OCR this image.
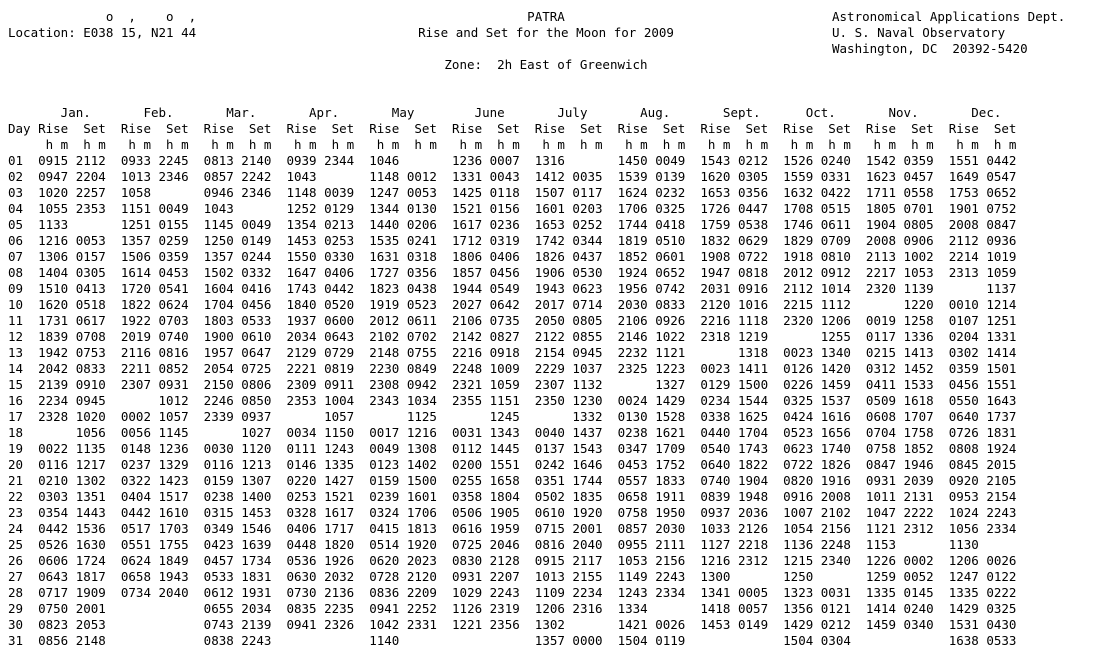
o  ,    o  ,
Location: E038 15, N21 44
PATRA
Rise and Set for the Moon for 2009
Astronomical Applications Dept.
U. S. Naval Observatory
Washington, DC  20392-5420
Zone:  2h East of Greenwich
Jan.       Feb.       Mar.       Apr.       May        June       July       Aug.       Sept.      Oct.       Nov.       Dec.
Day Rise  Set  Rise  Set  Rise  Set  Rise  Set  Rise  Set  Rise  Set  Rise  Set  Rise  Set  Rise  Set  Rise  Set  Rise  Set  Rise  Set
h m  h m   h m  h m   h m  h m   h m  h m   h m  h m   h m  h m   h m  h m   h m  h m   h m  h m   h m  h m   h m  h m   h m  h m
01  0915 2112  0933 2245  0813 2140  0939 2344  1046       1236 0007  1316       1450 0049  1543 0212  1526 0240  1542 0359  1551 0442
02  0947 2204  1013 2346  0857 2242  1043       1148 0012  1331 0043  1412 0035  1539 0139  1620 0305  1559 0331  1623 0457  1649 0547
03  1020 2257  1058       0946 2346  1148 0039  1247 0053  1425 0118  1507 0117  1624 0232  1653 0356  1632 0422  1711 0558  1753 0652
04  1055 2353  1151 0049  1043       1252 0129  1344 0130  1521 0156  1601 0203  1706 0325  1726 0447  1708 0515  1805 0701  1901 0752
05  1133       1251 0155  1145 0049  1354 0213  1440 0206  1617 0236  1653 0252  1744 0418  1759 0538  1746 0611  1904 0805  2008 0847
06  1216 0053  1357 0259  1250 0149  1453 0253  1535 0241  1712 0319  1742 0344  1819 0510  1832 0629  1829 0709  2008 0906  2112 0936
07  1306 0157  1506 0359  1357 0244  1550 0330  1631 0318  1806 0406  1826 0437  1852 0601  1908 0722  1918 0810  2113 1002  2214 1019
08  1404 0305  1614 0453  1502 0332  1647 0406  1727 0356  1857 0456  1906 0530  1924 0652  1947 0818  2012 0912  2217 1053  2313 1059
09  1510 0413  1720 0541  1604 0416  1743 0442  1823 0438  1944 0549  1943 0623  1956 0742  2031 0916  2112 1014  2320 1139       1137
10  1620 0518  1822 0624  1704 0456  1840 0520  1919 0523  2027 0642  2017 0714  2030 0833  2120 1016  2215 1112       1220  0010 1214
11  1731 0617  1922 0703  1803 0533  1937 0600  2012 0611  2106 0735  2050 0805  2106 0926  2216 1118  2320 1206  0019 1258  0107 1251
12  1839 0708  2019 0740  1900 0610  2034 0643  2102 0702  2142 0827  2122 0855  2146 1022  2318 1219       1255  0117 1336  0204 1331
13  1942 0753  2116 0816  1957 0647  2129 0729  2148 0755  2216 0918  2154 0945  2232 1121       1318  0023 1340  0215 1413  0302 1414
14  2042 0833  2211 0852  2054 0725  2221 0819  2230 0849  2248 1009  2229 1037  2325 1223  0023 1411  0126 1420  0312 1452  0359 1501
15  2139 0910  2307 0931  2150 0806  2309 0911  2308 0942  2321 1059  2307 1132       1327  0129 1500  0226 1459  0411 1533  0456 1551
16  2234 0945       1012  2246 0850  2353 1004  2343 1034  2355 1151  2350 1230  0024 1429  0234 1544  0325 1537  0509 1618  0550 1643
17  2328 1020  0002 1057  2339 0937       1057       1125       1245       1332  0130 1528  0338 1625  0424 1616  0608 1707  0640 1737
18       1056  0056 1145       1027  0034 1150  0017 1216  0031 1343  0040 1437  0238 1621  0440 1704  0523 1656  0704 1758  0726 1831
19  0022 1135  0148 1236  0030 1120  0111 1243  0049 1308  0112 1445  0137 1543  0347 1709  0540 1743  0623 1740  0758 1852  0808 1924
20  0116 1217  0237 1329  0116 1213  0146 1335  0123 1402  0200 1551  0242 1646  0453 1752  0640 1822  0722 1826  0847 1946  0845 2015
21  0210 1302  0322 1423  0159 1307  0220 1427  0159 1500  0255 1658  0351 1744  0557 1833  0740 1904  0820 1916  0931 2039  0920 2105
22  0303 1351  0404 1517  0238 1400  0253 1521  0239 1601  0358 1804  0502 1835  0658 1911  0839 1948  0916 2008  1011 2131  0953 2154
23  0354 1443  0442 1610  0315 1453  0328 1617  0324 1706  0506 1905  0610 1920  0758 1950  0937 2036  1007 2102  1047 2222  1024 2243
24  0442 1536  0517 1703  0349 1546  0406 1717  0415 1813  0616 1959  0715 2001  0857 2030  1033 2126  1054 2156  1121 2312  1056 2334
25  0526 1630  0551 1755  0423 1639  0448 1820  0514 1920  0725 2046  0816 2040  0955 2111  1127 2218  1136 2248  1153       1130
26  0606 1724  0624 1849  0457 1734  0536 1926  0620 2023  0830 2128  0915 2117  1053 2156  1216 2312  1215 2340  1226 0002  1206 0026
27  0643 1817  0658 1943  0533 1831  0630 2032  0728 2120  0931 2207  1013 2155  1149 2243  1300       1250       1259 0052  1247 0122
28  0717 1909  0734 2040  0612 1931  0730 2136  0836 2209  1029 2243  1109 2234  1243 2334  1341 0005  1323 0031  1335 0145  1335 0222
29  0750 2001             0655 2034  0835 2235  0941 2252  1126 2319  1206 2316  1334       1418 0057  1356 0121  1414 0240  1429 0325
30  0823 2053             0743 2139  0941 2326  1042 2331  1221 2356  1302       1421 0026  1453 0149  1429 0212  1459 0340  1531 0430
31  0856 2148             0838 2243             1140                  1357 0000  1504 0119             1504 0304             1638 0533
